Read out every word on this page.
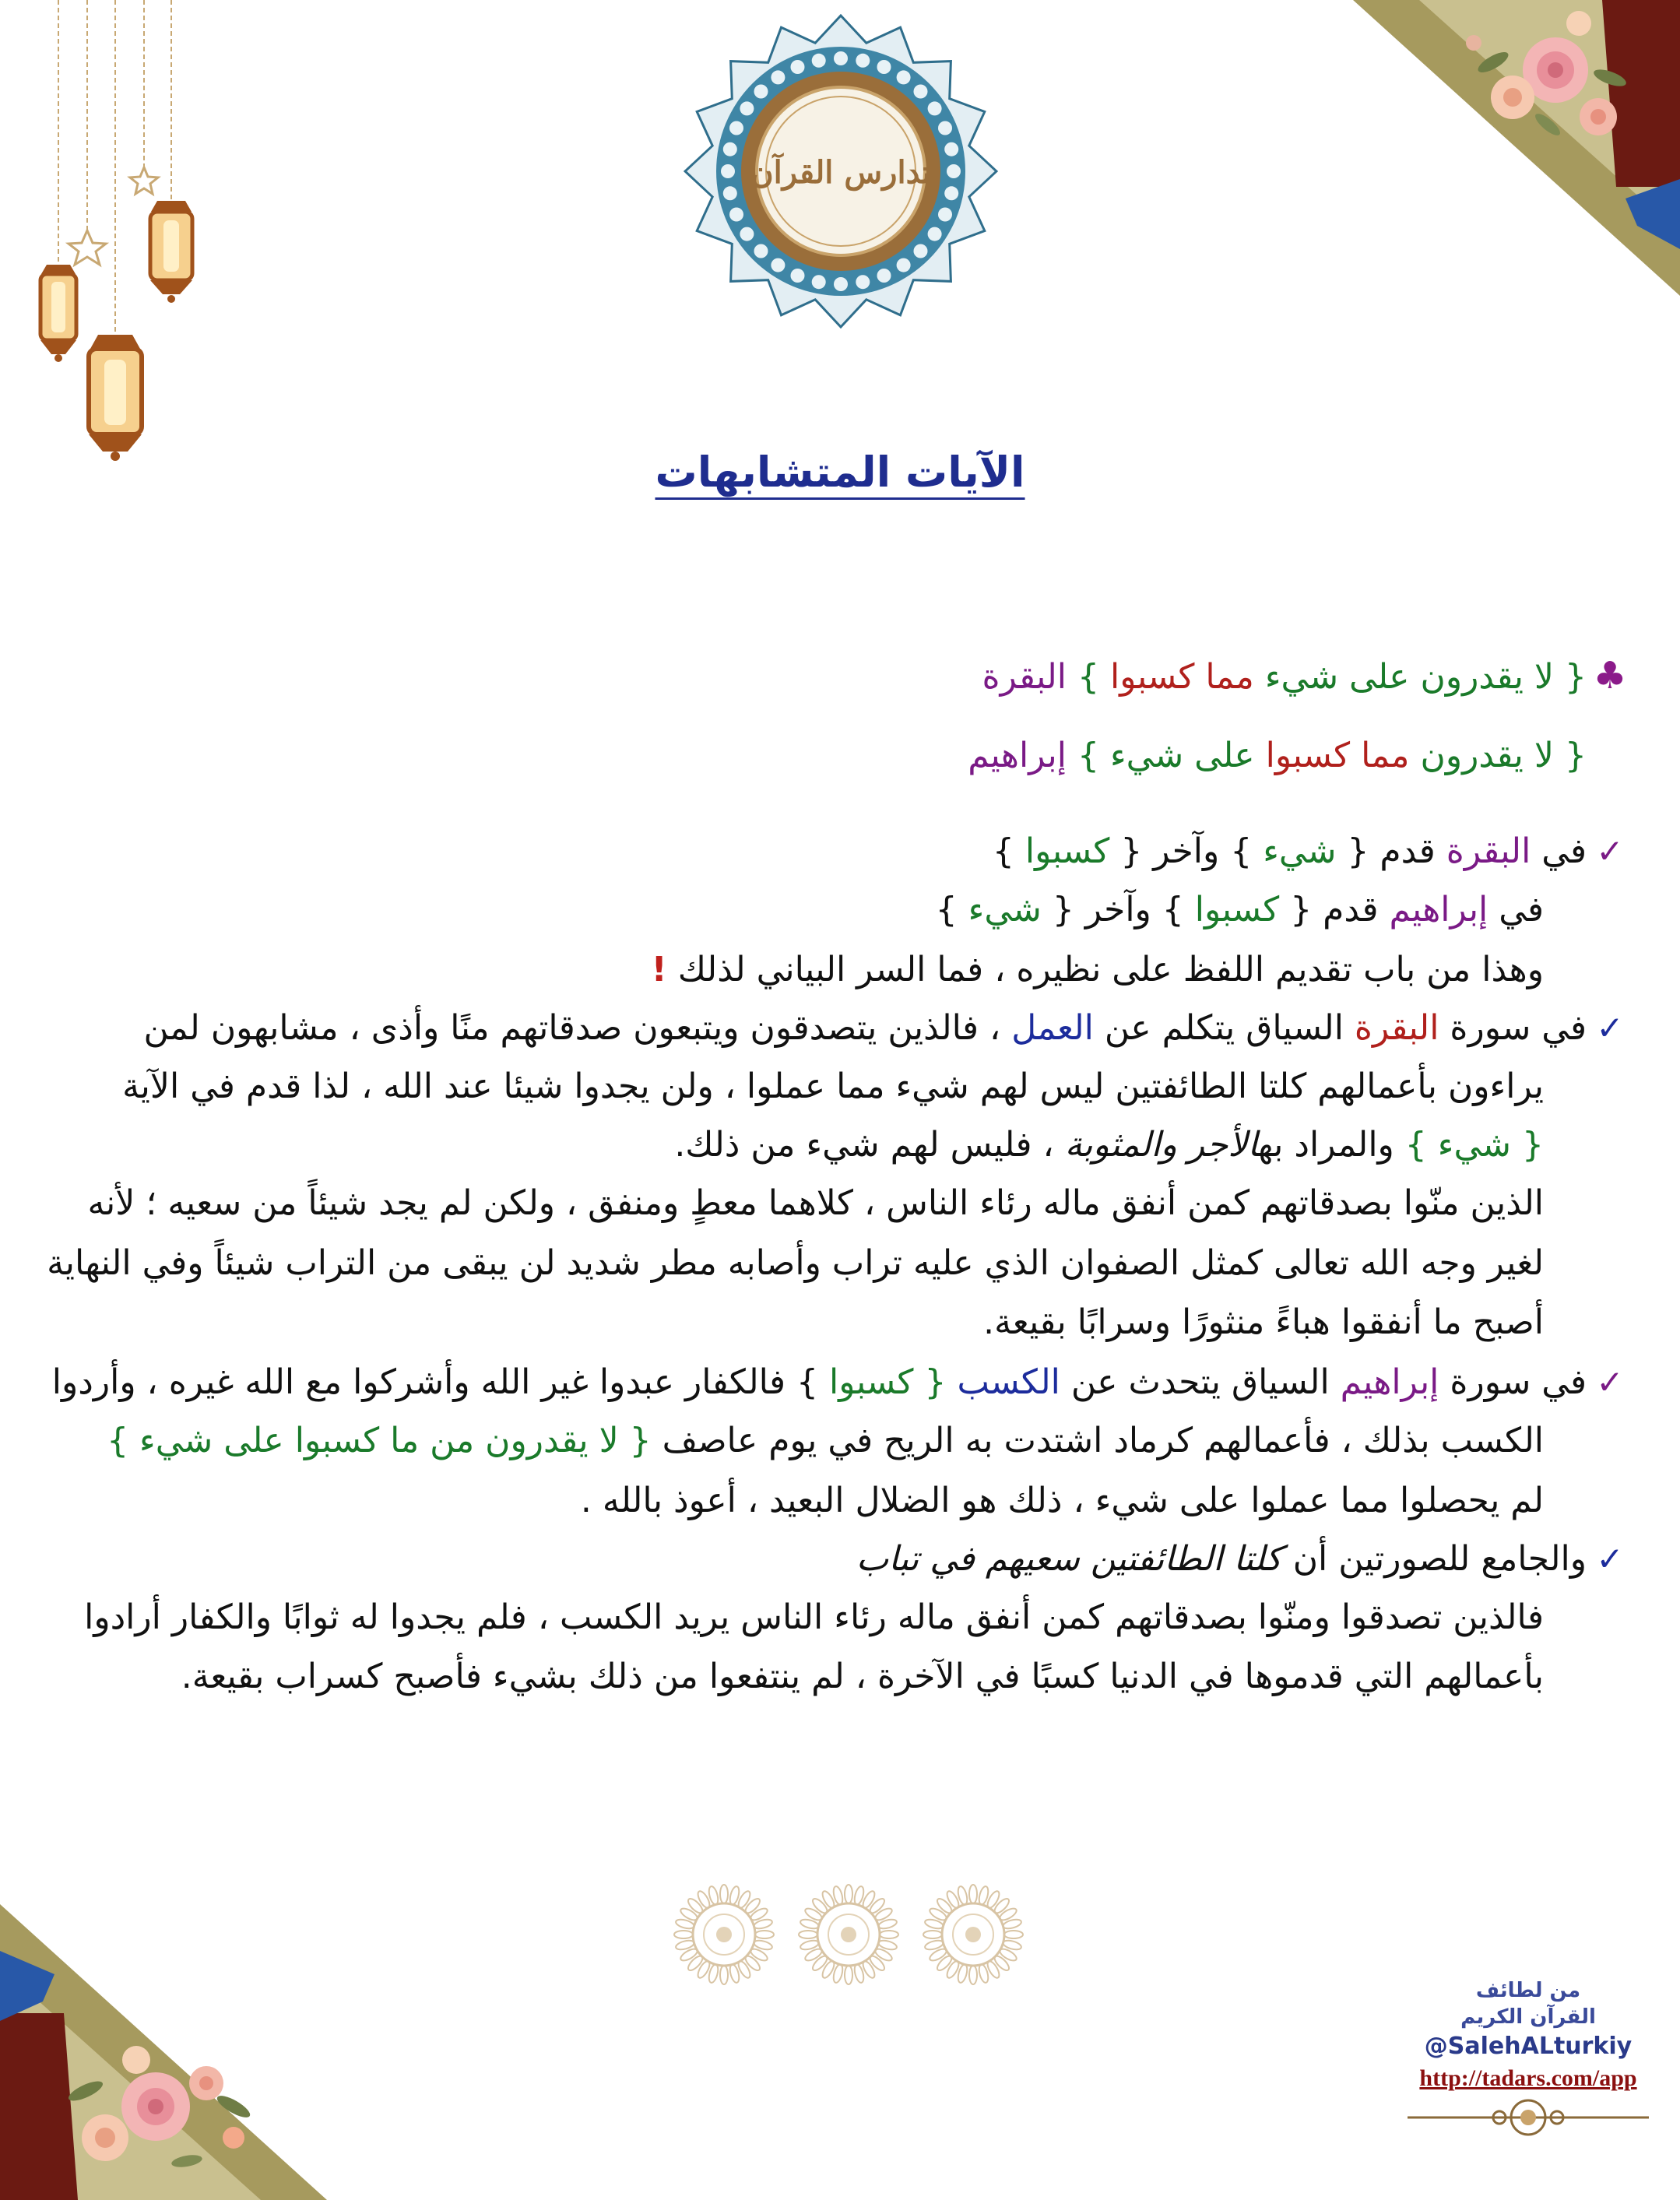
تدارس القرآن
الآيات المتشابهات
♣{ لا يقدرون على شيء مما كسبوا } البقرة
{ لا يقدرون مما كسبوا على شيء } إبراهيم
✓في البقرة قدم { شيء } وآخر { كسبوا }
في إبراهيم قدم { كسبوا } وآخر { شيء }
وهذا من باب تقديم اللفظ على نظيره ، فما السر البياني لذلك !
✓في سورة البقرة السياق يتكلم عن العمل ، فالذين يتصدقون ويتبعون صدقاتهم منًا وأذى ، مشابهون لمن
يراءون بأعمالهم كلتا الطائفتين ليس لهم شيء مما عملوا ، ولن يجدوا شيئا عند الله ، لذا قدم في الآية
{ شيء } والمراد بهالأجر والمثوبة ، فليس لهم شيء من ذلك.
الذين منّوا بصدقاتهم كمن أنفق ماله رئاء الناس ، كلاهما معطٍ ومنفق ، ولكن لم يجد شيئاً من سعيه ؛ لأنه
لغير وجه الله تعالى كمثل الصفوان الذي عليه تراب وأصابه مطر شديد لن يبقى من التراب شيئاً وفي النهاية
أصبح ما أنفقوا هباءً منثورًا وسرابًا بقيعة.
✓في سورة إبراهيم السياق يتحدث عن الكسب { كسبوا } فالكفار عبدوا غير الله وأشركوا مع الله غيره ، وأردوا
الكسب بذلك ، فأعمالهم كرماد اشتدت به الريح في يوم عاصف { لا يقدرون من ما كسبوا على شيء }
لم يحصلوا مما عملوا على شيء ، ذلك هو الضلال البعيد ، أعوذ بالله .
✓والجامع للصورتين أن كلتا الطائفتين سعيهم في تباب
فالذين تصدقوا ومنّوا بصدقاتهم كمن أنفق ماله رئاء الناس يريد الكسب ، فلم يجدوا له ثوابًا والكفار أرادوا
بأعمالهم التي قدموها في الدنيا كسبًا في الآخرة ، لم ينتفعوا من ذلك بشيء فأصبح كسراب بقيعة.
من لطائف
القرآن الكريم
@SalehALturkiy
http://tadars.com/app
